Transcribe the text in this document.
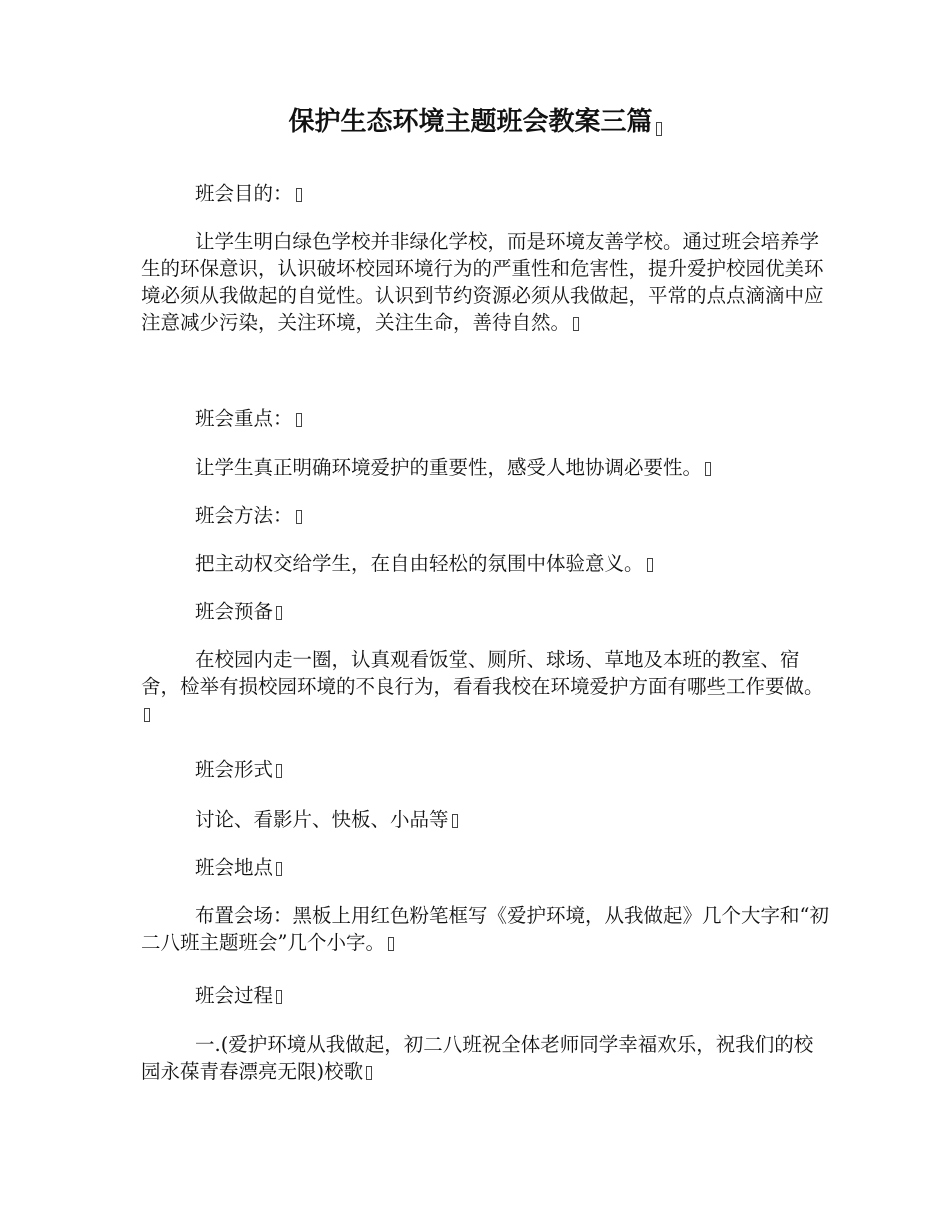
保护生态环境主题班会教案三篇

班会目的：

让学生明白绿色学校并非绿化学校，而是环境友善学校。通过班会培养学生的环保意识，认识破坏校园环境行为的严重性和危害性，提升爱护校园优美环境必须从我做起的自觉性。认识到节约资源必须从我做起，平常的点点滴滴中应注意减少污染，关注环境，关注生命，善待自然。

班会重点：

让学生真正明确环境爱护的重要性，感受人地协调必要性。

班会方法：

把主动权交给学生，在自由轻松的氛围中体验意义。

班会预备

在校园内走一圈，认真观看饭堂、厕所、球场、草地及本班的教室、宿舍，检举有损校园环境的不良行为，看看我校在环境爱护方面有哪些工作要做。

班会形式

讨论、看影片、快板、小品等

班会地点

布置会场：黑板上用红色粉笔框写《爱护环境，从我做起》几个大字和“初二八班主题班会”几个小字。

班会过程

一.(爱护环境从我做起，初二八班祝全体老师同学幸福欢乐，祝我们的校园永葆青春漂亮无限)校歌
